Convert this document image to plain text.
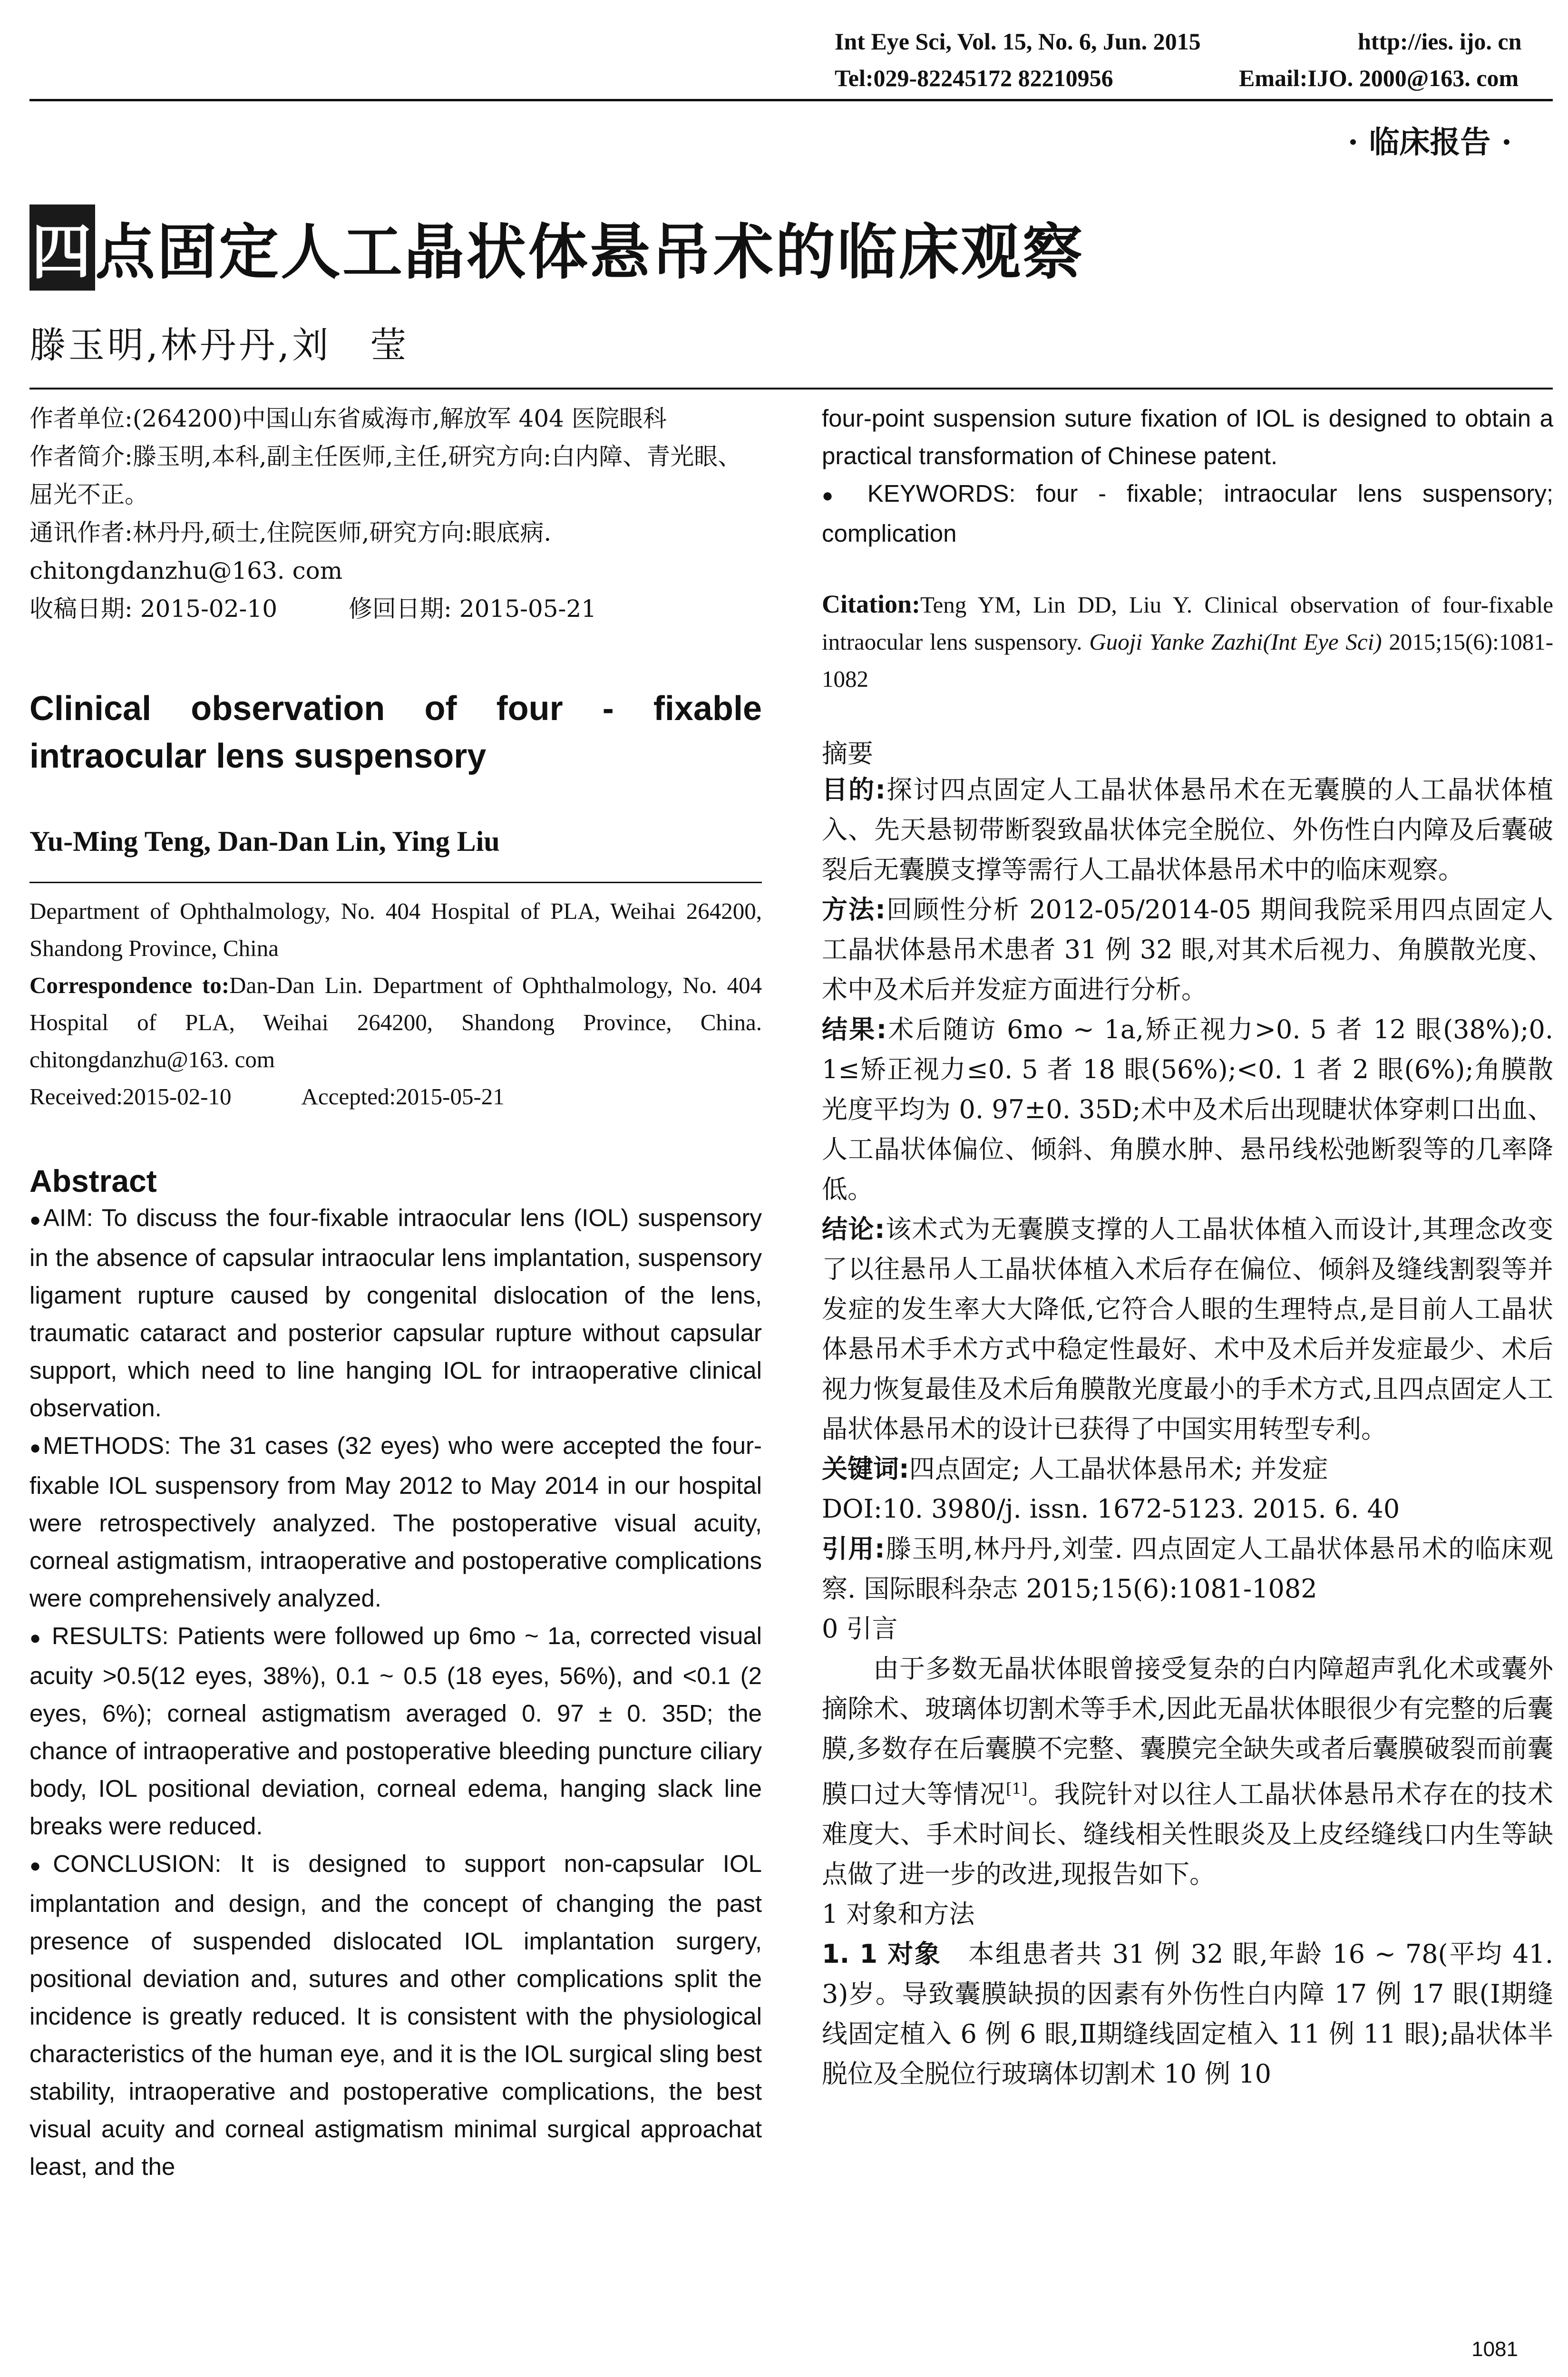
Int Eye Sci, Vol. 15, No. 6, Jun. 2015	http://ies. ijo. cn
Tel:029-82245172 82210956	Email:IJO. 2000@163. com
· 临床报告 ·
四点固定人工晶状体悬吊术的临床观察
滕玉明,林丹丹,刘　莹

作者单位:(264200)中国山东省威海市,解放军 404 医院眼科

作者简介:滕玉明,本科,副主任医师,主任,研究方向:白内障、青光眼、屈光不正。

通讯作者:林丹丹,硕士,住院医师,研究方向:眼底病. chitongdanzhu@163. com

收稿日期: 2015-02-10　　　修回日期: 2015-05-21

Clinical observation of four - fixable intraocular lens suspensory
Yu-Ming Teng, Dan-Dan Lin, Ying Liu

Department of Ophthalmology, No. 404 Hospital of PLA, Weihai 264200, Shandong Province, China

Correspondence to:Dan-Dan Lin. Department of Ophthalmology, No. 404 Hospital of PLA, Weihai 264200, Shandong Province, China. chitongdanzhu@163. com

Received:2015-02-10　　　Accepted:2015-05-21

Abstract

●AIM: To discuss the four-fixable intraocular lens (IOL) suspensory in the absence of capsular intraocular lens implantation, suspensory ligament rupture caused by congenital dislocation of the lens, traumatic cataract and posterior capsular rupture without capsular support, which need to line hanging IOL for intraoperative clinical observation.

●METHODS: The 31 cases (32 eyes) who were accepted the four-fixable IOL suspensory from May 2012 to May 2014 in our hospital were retrospectively analyzed. The postoperative visual acuity, corneal astigmatism, intraoperative and postoperative complications were comprehensively analyzed.

● RESULTS: Patients were followed up 6mo ~ 1a, corrected visual acuity >0.5(12 eyes, 38%), 0.1 ~ 0.5 (18 eyes, 56%), and <0.1 (2 eyes, 6%); corneal astigmatism averaged 0. 97 ± 0. 35D; the chance of intraoperative and postoperative bleeding puncture ciliary body, IOL positional deviation, corneal edema, hanging slack line breaks were reduced.

●CONCLUSION: It is designed to support non-capsular IOL implantation and design, and the concept of changing the past presence of suspended dislocated IOL implantation surgery, positional deviation and, sutures and other complications split the incidence is greatly reduced. It is consistent with the physiological characteristics of the human eye, and it is the IOL surgical sling best stability, intraoperative and postoperative complications, the best visual acuity and corneal astigmatism minimal surgical approachat least, and the

four-point suspension suture fixation of IOL is designed to obtain a practical transformation of Chinese patent.

● KEYWORDS: four - fixable; intraocular lens suspensory; complication

Citation:Teng YM, Lin DD, Liu Y. Clinical observation of four-fixable intraocular lens suspensory. Guoji Yanke Zazhi(Int Eye Sci) 2015;15(6):1081-1082
摘要

目的:探讨四点固定人工晶状体悬吊术在无囊膜的人工晶状体植入、先天悬韧带断裂致晶状体完全脱位、外伤性白内障及后囊破裂后无囊膜支撑等需行人工晶状体悬吊术中的临床观察。

方法:回顾性分析 2012-05/2014-05 期间我院采用四点固定人工晶状体悬吊术患者 31 例 32 眼,对其术后视力、角膜散光度、术中及术后并发症方面进行分析。

结果:术后随访 6mo ~ 1a,矫正视力>0. 5 者 12 眼(38%);0. 1≤矫正视力≤0. 5 者 18 眼(56%);<0. 1 者 2 眼(6%);角膜散光度平均为 0. 97±0. 35D;术中及术后出现睫状体穿刺口出血、人工晶状体偏位、倾斜、角膜水肿、悬吊线松弛断裂等的几率降低。

结论:该术式为无囊膜支撑的人工晶状体植入而设计,其理念改变了以往悬吊人工晶状体植入术后存在偏位、倾斜及缝线割裂等并发症的发生率大大降低,它符合人眼的生理特点,是目前人工晶状体悬吊术手术方式中稳定性最好、术中及术后并发症最少、术后视力恢复最佳及术后角膜散光度最小的手术方式,且四点固定人工晶状体悬吊术的设计已获得了中国实用转型专利。

关键词:四点固定; 人工晶状体悬吊术; 并发症

DOI:10. 3980/j. issn. 1672-5123. 2015. 6. 40

引用:滕玉明,林丹丹,刘莹. 四点固定人工晶状体悬吊术的临床观察. 国际眼科杂志 2015;15(6):1081-1082

0 引言

由于多数无晶状体眼曾接受复杂的白内障超声乳化术或囊外摘除术、玻璃体切割术等手术,因此无晶状体眼很少有完整的后囊膜,多数存在后囊膜不完整、囊膜完全缺失或者后囊膜破裂而前囊膜口过大等情况[1]。我院针对以往人工晶状体悬吊术存在的技术难度大、手术时间长、缝线相关性眼炎及上皮经缝线口内生等缺点做了进一步的改进,现报告如下。

1 对象和方法

1. 1 对象　 本组患者共 31 例 32 眼,年龄 16 ~ 78(平均 41. 3)岁。导致囊膜缺损的因素有外伤性白内障 17 例 17 眼(Ⅰ期缝线固定植入 6 例 6 眼,Ⅱ期缝线固定植入 11 例 11 眼);晶状体半脱位及全脱位行玻璃体切割术 10 例 10

1081
